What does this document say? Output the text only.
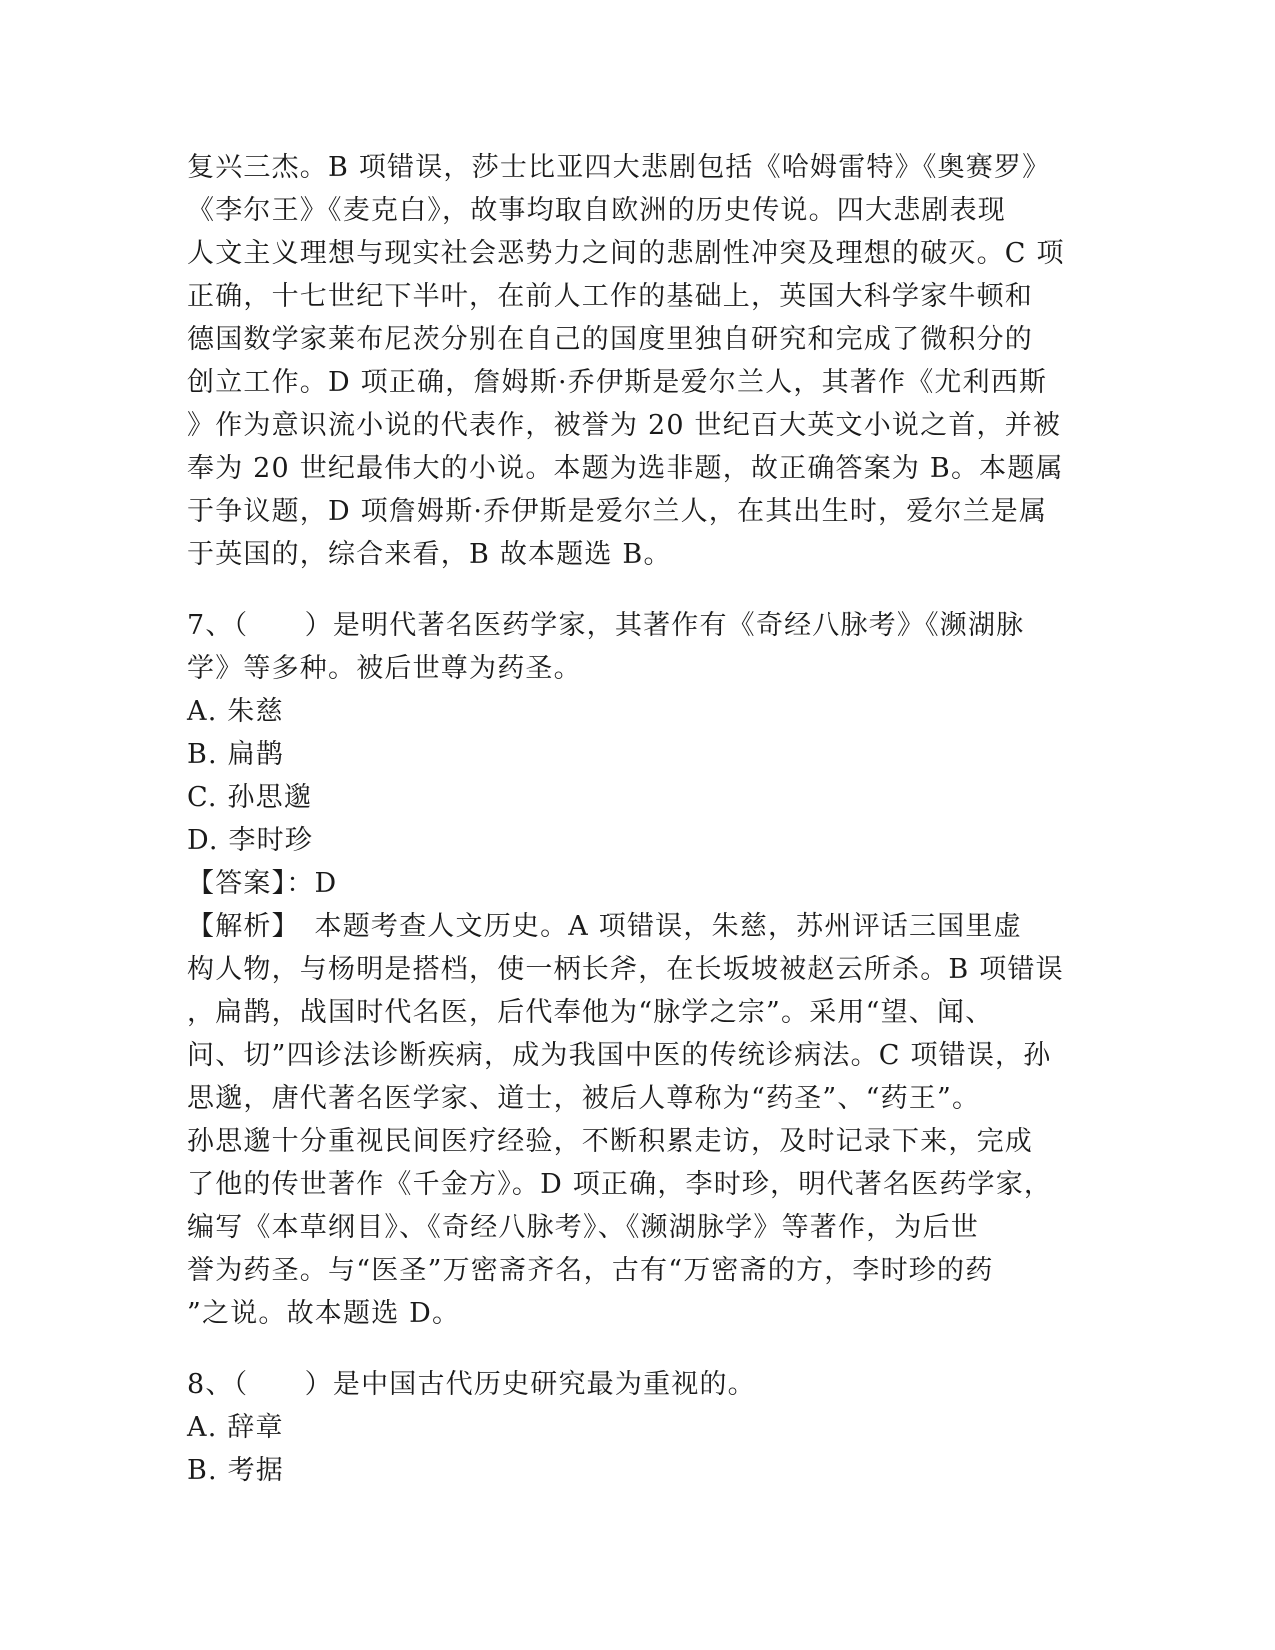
复兴三杰。B 项错误，莎士比亚四大悲剧包括《哈姆雷特》《奥赛罗》
《李尔王》《麦克白》，故事均取自欧洲的历史传说。四大悲剧表现
人文主义理想与现实社会恶势力之间的悲剧性冲突及理想的破灭。C 项
正确，十七世纪下半叶，在前人工作的基础上，英国大科学家牛顿和
德国数学家莱布尼茨分别在自己的国度里独自研究和完成了微积分的
创立工作。D 项正确，詹姆斯·乔伊斯是爱尔兰人，其著作《尤利西斯
》作为意识流小说的代表作，被誉为 20 世纪百大英文小说之首，并被
奉为 20 世纪最伟大的小说。本题为选非题，故正确答案为 B。本题属
于争议题，D 项詹姆斯·乔伊斯是爱尔兰人，在其出生时，爱尔兰是属
于英国的，综合来看，B 故本题选 B。
7、（　　）是明代著名医药学家，其著作有《奇经八脉考》《濒湖脉
学》等多种。被后世尊为药圣。
A. 朱慈
B. 扁鹊
C. 孙思邈
D. 李时珍
【答案】：D
【解析】　本题考查人文历史。A 项错误，朱慈，苏州评话三国里虚
构人物，与杨明是搭档，使一柄长斧，在长坂坡被赵云所杀。B 项错误
，扁鹊，战国时代名医，后代奉他为“脉学之宗”。采用“望、闻、
问、切”四诊法诊断疾病，成为我国中医的传统诊病法。C 项错误，孙
思邈，唐代著名医学家、道士，被后人尊称为“药圣”、“药王”。
孙思邈十分重视民间医疗经验，不断积累走访，及时记录下来，完成
了他的传世著作《千金方》。D 项正确，李时珍，明代著名医药学家，
编写《本草纲目》、《奇经八脉考》、《濒湖脉学》等著作，为后世
誉为药圣。与“医圣”万密斋齐名，古有“万密斋的方，李时珍的药
”之说。故本题选 D。
8、（　　）是中国古代历史研究最为重视的。
A. 辞章
B. 考据
